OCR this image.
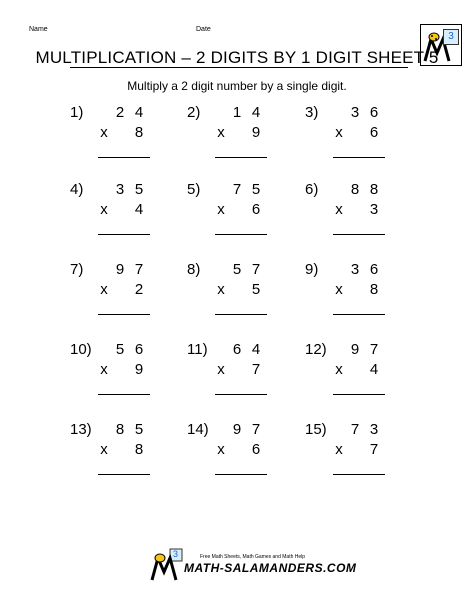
Name	Date
3
MULTIPLICATION – 2 DIGITS BY 1 DIGIT SHEET 5
Multiply a 2 digit number by a single digit.
1) 2 4
x 8
2) 1 4
x 9
3) 3 6
x 6
4) 3 5
x 4
5) 7 5
x 6
6) 8 8
x 3
7) 9 7
x 2
8) 5 7
x 5
9) 3 6
x 8
10) 5 6
x 9
11) 6 4
x 7
12) 9 7
x 4
13) 8 5
x 8
14) 9 7
x 6
15) 7 3
x 7
3	Free Math Sheets, Math Games and Math Help
MATH-SALAMANDERS.COM
